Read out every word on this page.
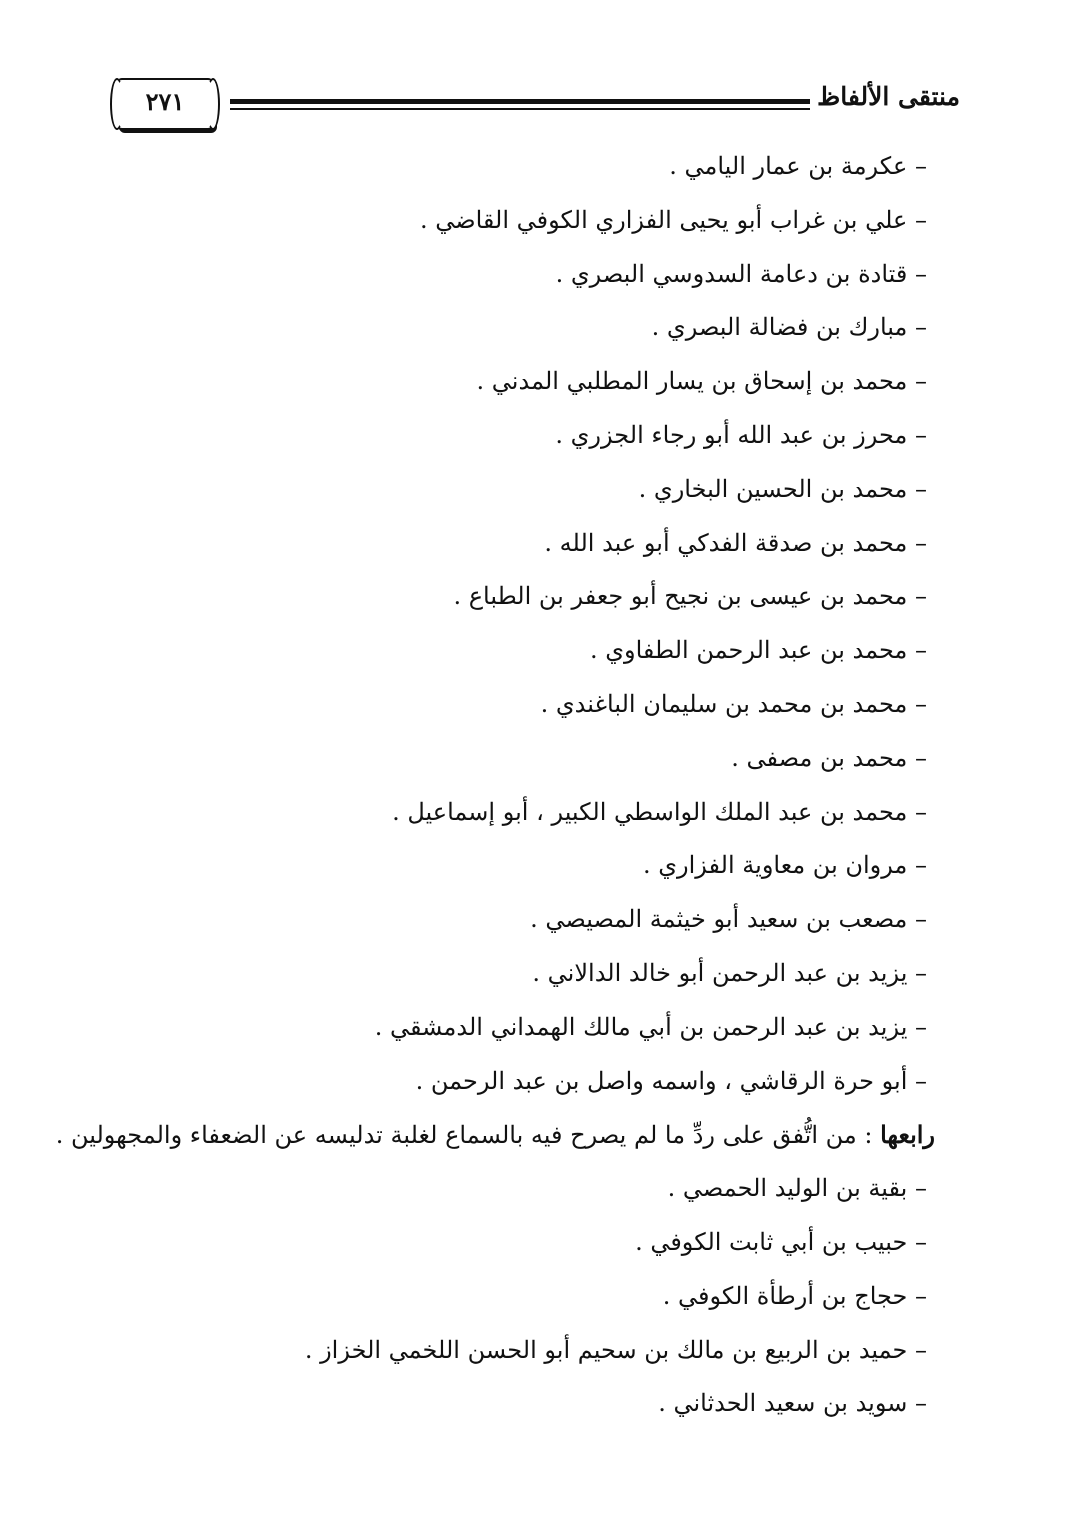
٢٧١	منتقى الألفاظ
– عكرمة بن عمار اليامي .
– علي بن غراب أبو يحيى الفزاري الكوفي القاضي .
– قتادة بن دعامة السدوسي البصري .
– مبارك بن فضالة البصري .
– محمد بن إسحاق بن يسار المطلبي المدني .
– محرز بن عبد الله أبو رجاء الجزري .
– محمد بن الحسين البخاري .
– محمد بن صدقة الفدكي أبو عبد الله .
– محمد بن عيسى بن نجيح أبو جعفر بن الطباع .
– محمد بن عبد الرحمن الطفاوي .
– محمد بن محمد بن سليمان الباغندي .
– محمد بن مصفى .
– محمد بن عبد الملك الواسطي الكبير ، أبو إسماعيل .
– مروان بن معاوية الفزاري .
– مصعب بن سعيد أبو خيثمة المصيصي .
– يزيد بن عبد الرحمن أبو خالد الدالاني .
– يزيد بن عبد الرحمن بن أبي مالك الهمداني الدمشقي .
– أبو حرة الرقاشي ، واسمه واصل بن عبد الرحمن .
رابعها : من اتُّفق على ردِّ ما لم يصرح فيه بالسماع لغلبة تدليسه عن الضعفاء والمجهولين .
– بقية بن الوليد الحمصي .
– حبيب بن أبي ثابت الكوفي .
– حجاج بن أرطأة الكوفي .
– حميد بن الربيع بن مالك بن سحيم أبو الحسن اللخمي الخزاز .
– سويد بن سعيد الحدثاني .
